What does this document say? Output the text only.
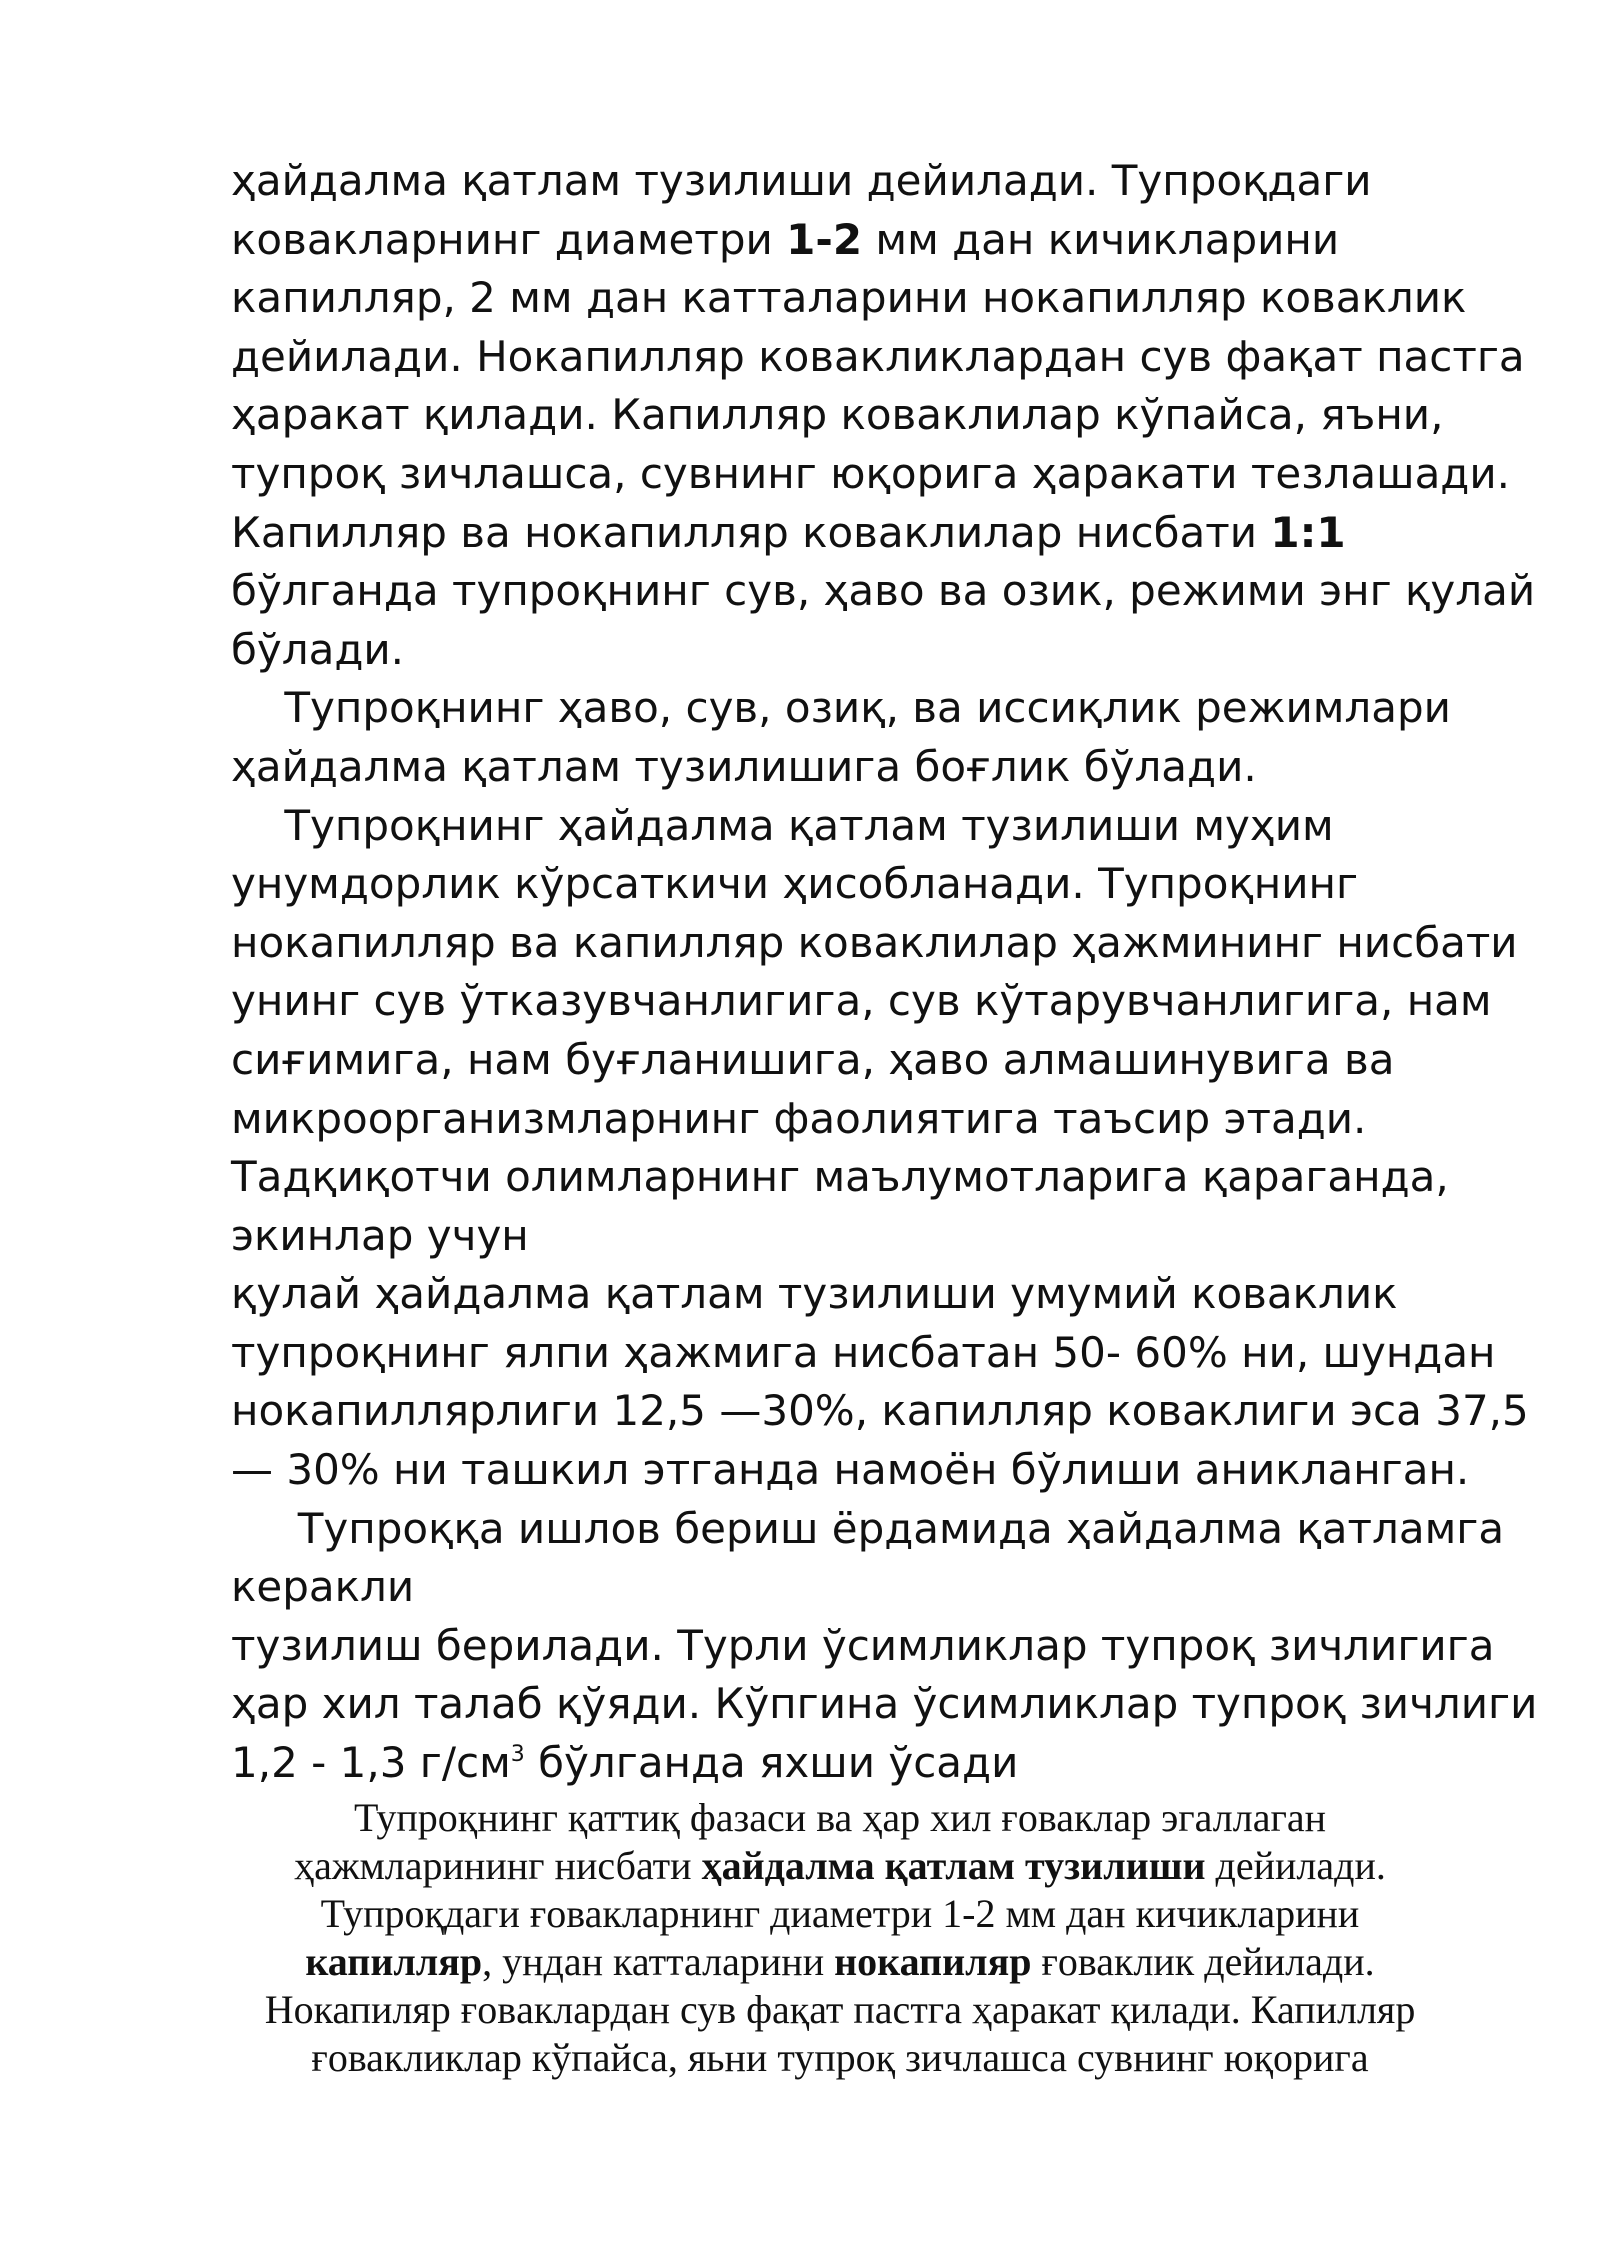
ҳайдалма қатлам тузилиши дейилади. Тупроқдаги
ковакларнинг диаметри 1-2 мм дан кичикларини
капилляр, 2 мм дан катталарини нокапилляр коваклик
дейилади. Нокапилляр ковакликлардан сув фақат пастга
ҳаракат қилади. Капилляр коваклилар кўпайса, яъни,
тупроқ зичлашса, сувнинг юқорига ҳаракати тезлашади.
Капилляр ва нокапилляр коваклилар нисбати 1:1
бўлганда тупроқнинг сув, ҳаво ва озик, режими энг қулай
бўлади.
Тупроқнинг ҳаво, сув, озиқ, ва иссиқлик режимлари
ҳайдалма қатлам тузилишига боғлик бўлади.
Тупроқнинг ҳайдалма қатлам тузилиши муҳим
унумдорлик кўрсаткичи ҳисобланади. Тупроқнинг
нокапилляр ва капилляр коваклилар ҳажмининг нисбати
унинг сув ўтказувчанлигига, сув кўтарувчанлигига, нам
сиғимига, нам буғланишига, ҳаво алмашинувига ва
микроорганизмларнинг фаолиятига таъсир этади.
Тадқиқотчи олимларнинг маълумотларига қараганда,
экинлар учун
қулай ҳайдалма қатлам тузилиши умумий коваклик
тупроқнинг ялпи ҳажмига нисбатан 50- 60% ни, шундан
нокапиллярлиги 12,5 —30%, капилляр коваклиги эса 37,5
— 30% ни ташкил этганда намоён бўлиши аникланган.
Тупроққа ишлов бериш ёрдамида ҳайдалма қатламга
керакли
тузилиш берилади. Турли ўсимликлар тупроқ зичлигига
ҳар хил талаб қўяди. Кўпгина ўсимликлар тупроқ зичлиги
1,2 - 1,3 $г/см^3$ бўлганда яхши ўсади
Тупроқнинг қаттиқ фазаси ва ҳар хил ғоваклар эгаллаган
ҳажмларининг нисбати ҳайдалма қатлам тузилиши дейилади.
Тупроқдаги ғовакларнинг диаметри 1-2 мм дан кичикларини
капилляр, ундан катталарини нокапиляр ғоваклик дейилади.
Нокапиляр ғовaклардан сув фақат пастга ҳаракат қилади. Капилляр
ғовакликлар кўпайса, яьни тупроқ зичлашса сувнинг юқорига
